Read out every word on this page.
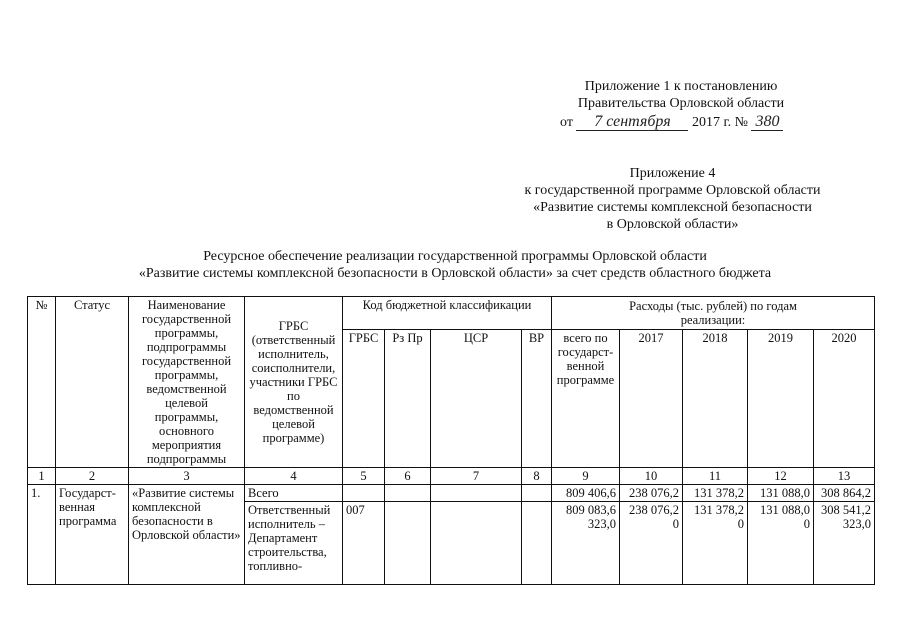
Приложение 1 к постановлению
Правительства Орловской области
от 7 сентября 2017 г. № 380
Приложение 4
к государственной программе Орловской области
«Развитие системы комплексной безопасности
в Орловской области»
Ресурсное обеспечение реализации государственной программы Орловской области
«Развитие системы комплексной безопасности в Орловской области» за счет средств областного бюджета
№	Статус	Наименование государственной программы, подпрограммы государственной программы, ведомственной целевой программы, основного мероприятия подпрограммы	ГРБС (ответственный исполнитель, соисполнители, участники ГРБС по ведомственной целевой программе)	Код бюджетной классификации				Расходы (тыс. рублей) по годам реализации:				
				ГРБС	Рз Пр	ЦСР	ВР	всего по государст-венной программе	2017	2018	2019	2020
1	2	3	4	5	6	7	8	9	10	11	12	13
1.	Государст-венная программа	«Развитие системы комплексной безопасности в Орловской области»	Всего					809 406,6	238 076,2	131 378,2	131 088,0	308 864,2
			Ответственный исполнитель – Департамент строительства, топливно-	007				809 083,6 323,0	238 076,2 0	131 378,2 0	131 088,0 0	308 541,2 323,0
